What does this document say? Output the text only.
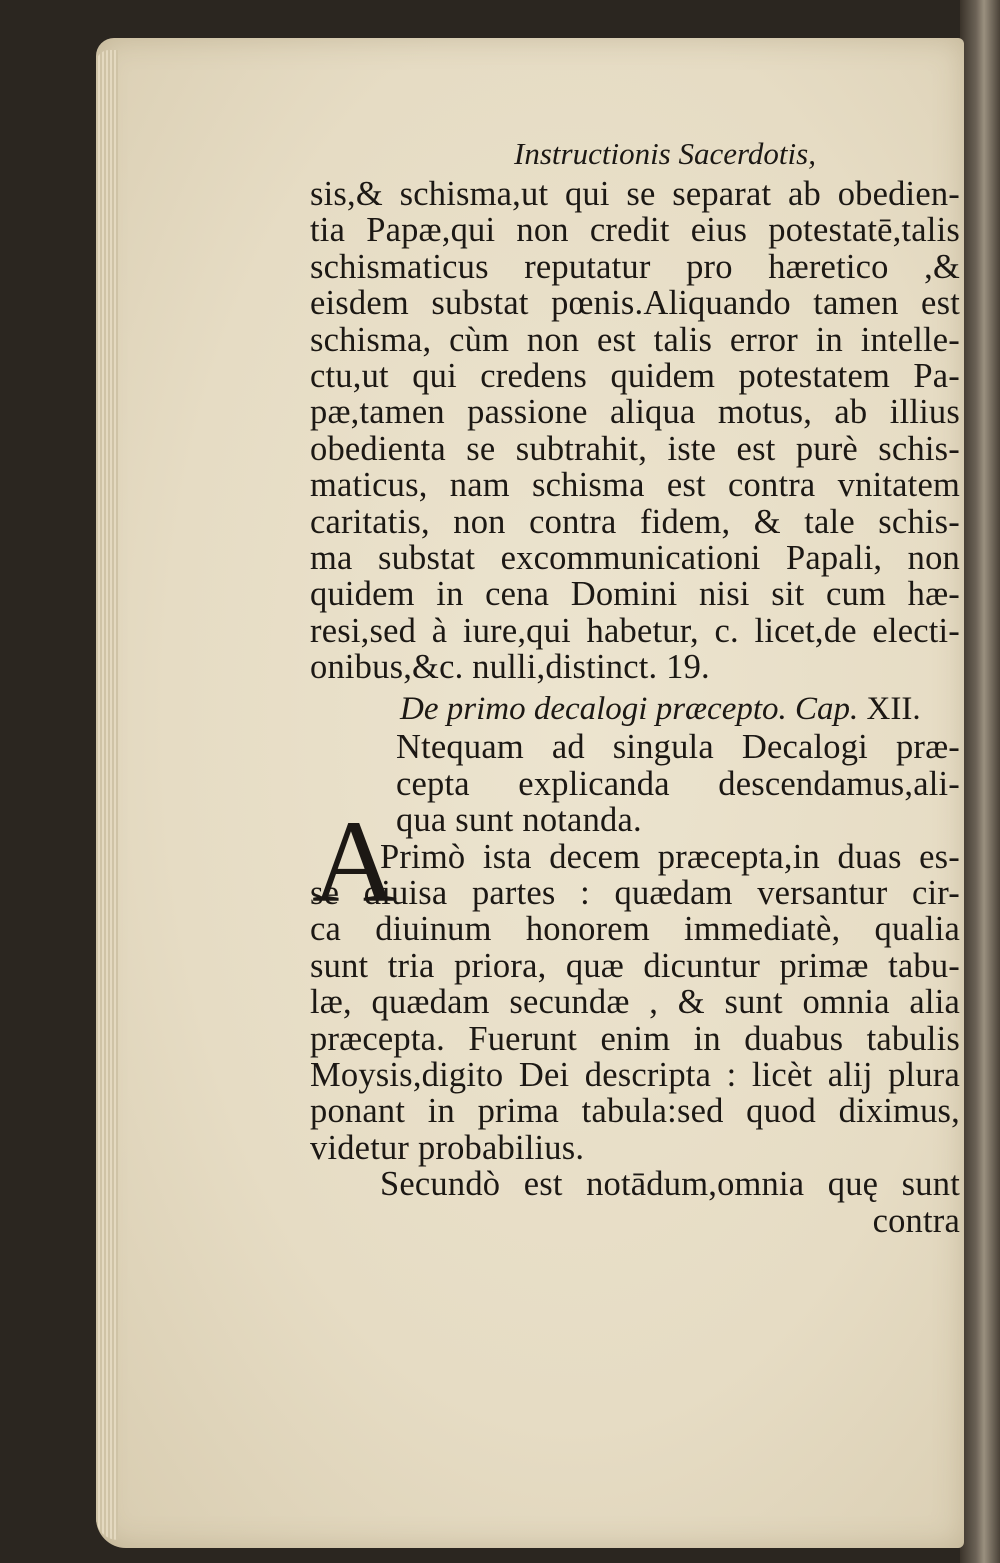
Instructionis Sacerdotis,
sis,& schisma,ut qui se separat ab obedien-
tia Papæ,qui non credit eius potestatē,talis
schismaticus reputatur pro hæretico ,&
eisdem substat pœnis.Aliquando tamen est
schisma, cùm non est talis error in intelle-
ctu,ut qui credens quidem potestatem Pa-
pæ,tamen passione aliqua motus, ab illius
obedienta se subtrahit, iste est purè schis-
maticus, nam schisma est contra vnitatem
caritatis, non contra fidem, & tale schis-
ma substat excommunicationi Papali, non
quidem in cena Domini nisi sit cum hæ-
resi,sed à iure,qui habetur, c. licet,de electi-
onibus,&c. nulli,distinct. 19.
De primo decalogi præcepto. Cap. XII.
Ntequam ad singula Decalogi præ-
cepta explicanda descendamus,ali-
qua sunt notanda.
Primò ista decem præcepta,in duas es-
se diuisa partes : quædam versantur cir-
ca diuinum honorem immediatè, qualia
sunt tria priora, quæ dicuntur primæ tabu-
læ, quædam secundæ , & sunt omnia alia
præcepta. Fuerunt enim in duabus tabulis
Moysis,digito Dei descripta : licèt alij plura
ponant in prima tabula:sed quod diximus,
videtur probabilius.
Secundò est notādum,omnia quę sunt
contra
A
